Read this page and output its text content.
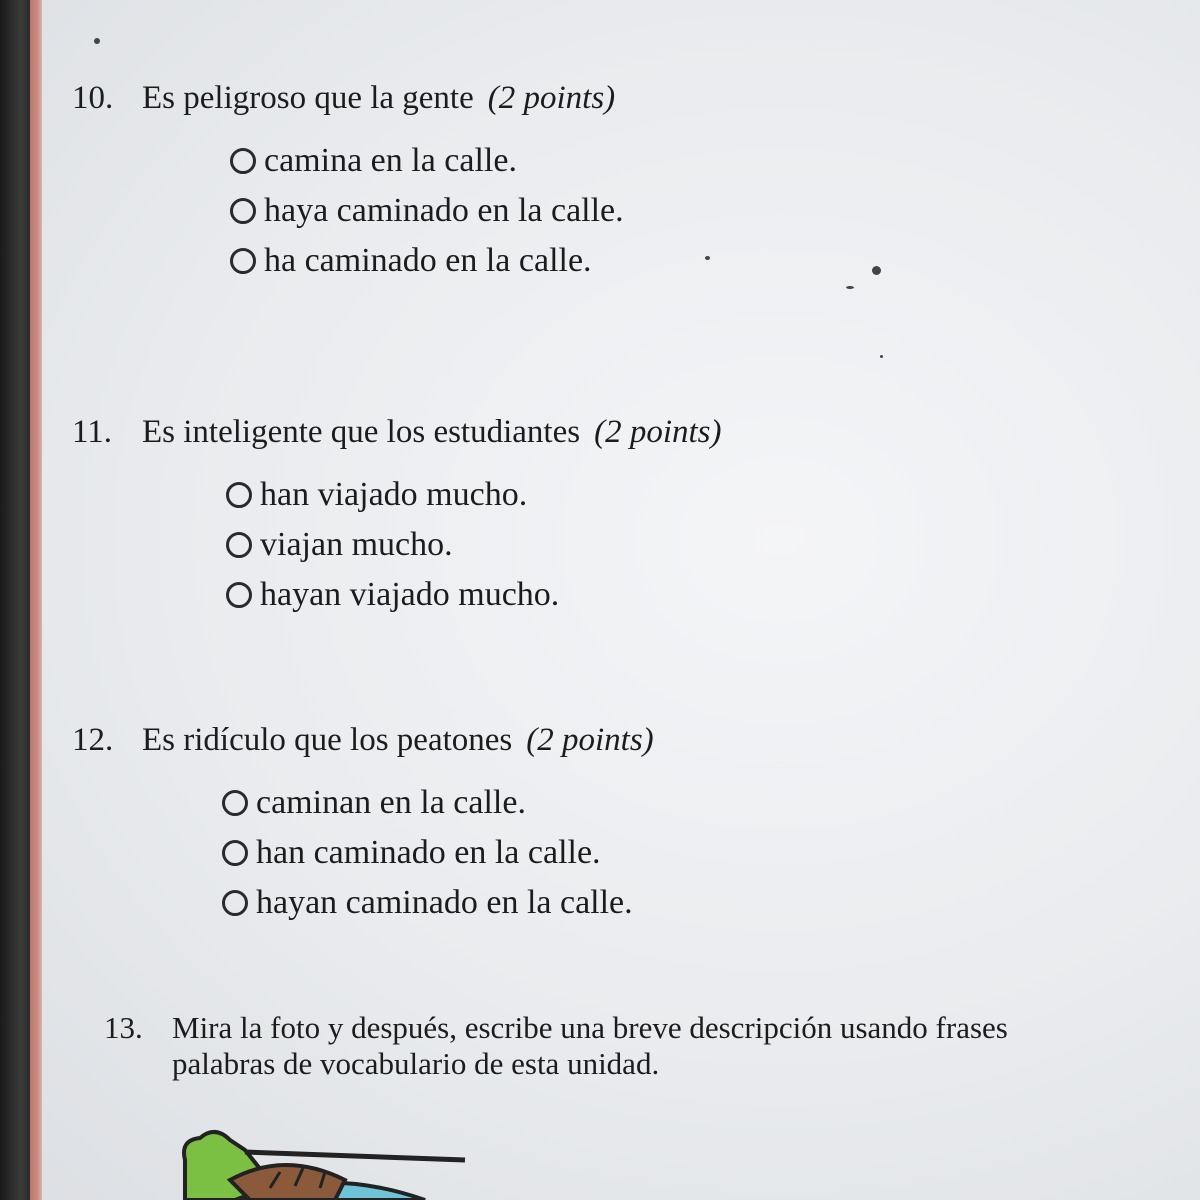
10. Es peligroso que la gente (2 points)
camina en la calle.
haya caminado en la calle.
ha caminado en la calle.
11. Es inteligente que los estudiantes (2 points)
han viajado mucho.
viajan mucho.
hayan viajado mucho.
12. Es ridículo que los peatones (2 points)
caminan en la calle.
han caminado en la calle.
hayan caminado en la calle.
13. Mira la foto y después, escribe una breve descripción usando frases
palabras de vocabulario de esta unidad.
